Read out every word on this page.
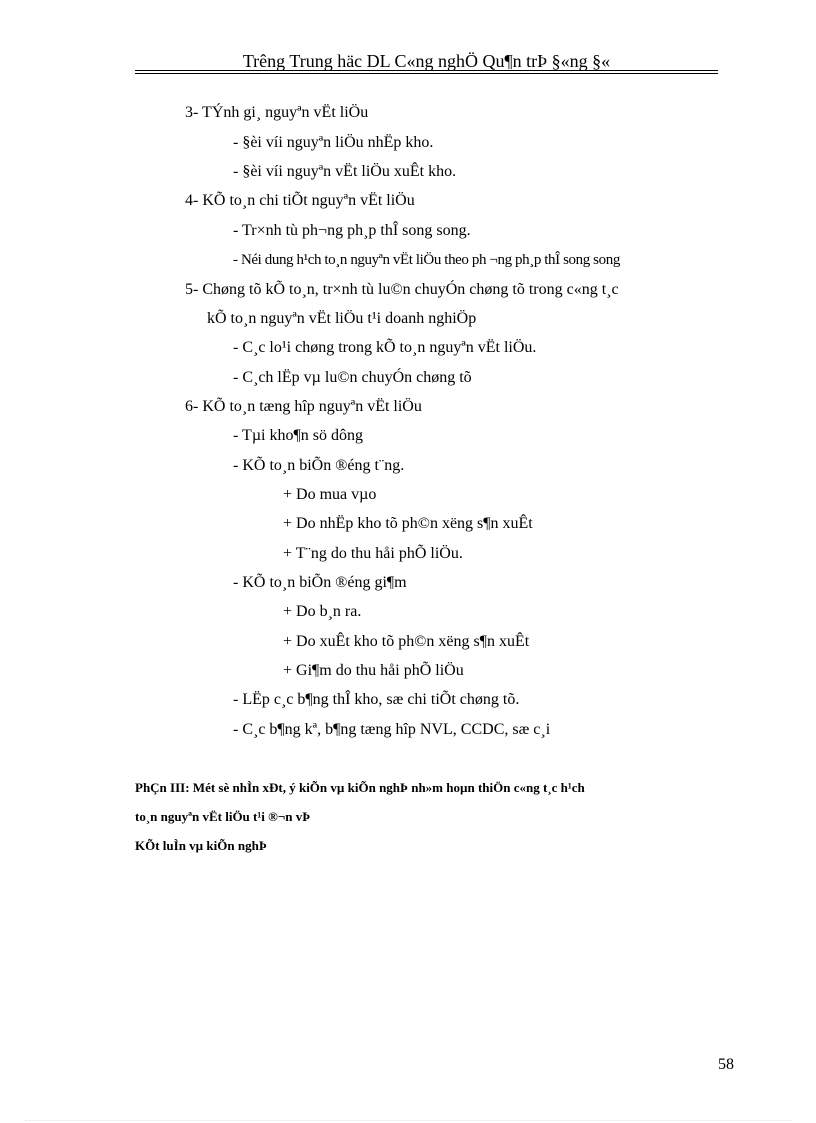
Trêng Trung häc DL C«ng nghÖ Qu¶n trÞ §«ng §«
3- TÝnh gi¸ nguyªn vËt liÖu
- §èi víi nguyªn liÖu nhËp kho.
- §èi víi nguyªn vËt liÖu xuÊt kho.
4- KÕ to¸n chi tiÕt nguyªn vËt liÖu
- Tr×nh tù ph¬ng ph¸p thÎ song song.
- Néi dung h¹ch to¸n nguyªn vËt liÖu theo ph ¬ng ph¸p thÎ song song
5- Chøng tõ kÕ to¸n, tr×nh tù lu©n chuyÓn chøng tõ trong c«ng t¸c
kÕ to¸n nguyªn vËt liÖu t¹i doanh nghiÖp
- C¸c lo¹i chøng trong kÕ to¸n nguyªn vËt liÖu.
- C¸ch lËp vµ lu©n chuyÓn chøng tõ
6- KÕ to¸n tæng hîp nguyªn vËt liÖu
- Tµi kho¶n sö dông
- KÕ to¸n biÕn ®éng t¨ng.
+ Do mua vµo
+ Do nhËp kho tõ ph©n xëng s¶n xuÊt
+ T¨ng do thu håi phÕ liÖu.
- KÕ to¸n biÕn ®éng gi¶m
+ Do b¸n ra.
+ Do xuÊt kho tõ ph©n xëng s¶n xuÊt
+ Gi¶m do thu håi phÕ liÖu
- LËp c¸c b¶ng thÎ kho, sæ chi tiÕt chøng tõ.
- C¸c b¶ng kª, b¶ng tæng hîp NVL, CCDC, sæ c¸i
PhÇn III: Mét sè nhÌn xÐt, ý kiÕn vµ kiÕn nghÞ nh»m hoµn thiÖn c«ng t¸c h¹ch
to¸n nguyªn vËt liÖu t¹i ®¬n vÞ
KÕt luÌn vµ kiÕn nghÞ
58
